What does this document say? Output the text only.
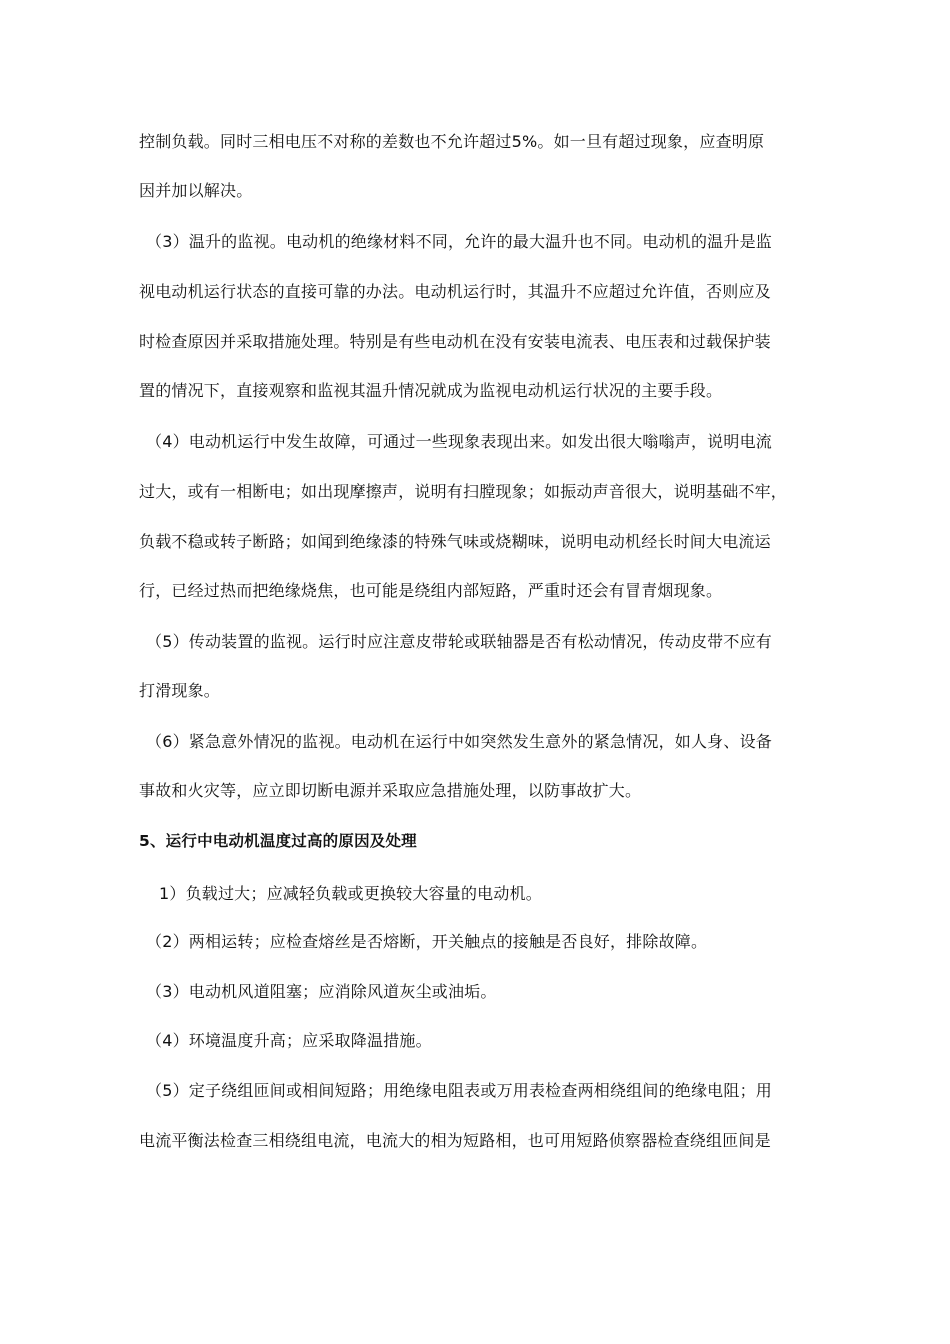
控制负载。同时三相电压不对称的差数也不允许超过5%。如一旦有超过现象，应查明原
因并加以解决。
（3）温升的监视。电动机的绝缘材料不同，允许的最大温升也不同。电动机的温升是监
视电动机运行状态的直接可靠的办法。电动机运行时，其温升不应超过允许值，否则应及
时检查原因并采取措施处理。特别是有些电动机在没有安装电流表、电压表和过载保护装
置的情况下，直接观察和监视其温升情况就成为监视电动机运行状况的主要手段。
（4）电动机运行中发生故障，可通过一些现象表现出来。如发出很大嗡嗡声，说明电流
过大，或有一相断电；如出现摩擦声，说明有扫膛现象；如振动声音很大，说明基础不牢，
负载不稳或转子断路；如闻到绝缘漆的特殊气味或烧糊味，说明电动机经长时间大电流运
行，已经过热而把绝缘烧焦，也可能是绕组内部短路，严重时还会有冒青烟现象。
（5）传动装置的监视。运行时应注意皮带轮或联轴器是否有松动情况，传动皮带不应有
打滑现象。
（6）紧急意外情况的监视。电动机在运行中如突然发生意外的紧急情况，如人身、设备
事故和火灾等，应立即切断电源并采取应急措施处理，以防事故扩大。
5、运行中电动机温度过高的原因及处理
1）负载过大；应减轻负载或更换较大容量的电动机。
（2）两相运转；应检查熔丝是否熔断，开关触点的接触是否良好，排除故障。
（3）电动机风道阻塞；应消除风道灰尘或油垢。
（4）环境温度升高；应采取降温措施。
（5）定子绕组匝间或相间短路；用绝缘电阻表或万用表检查两相绕组间的绝缘电阻；用
电流平衡法检查三相绕组电流，电流大的相为短路相，也可用短路侦察器检查绕组匝间是
